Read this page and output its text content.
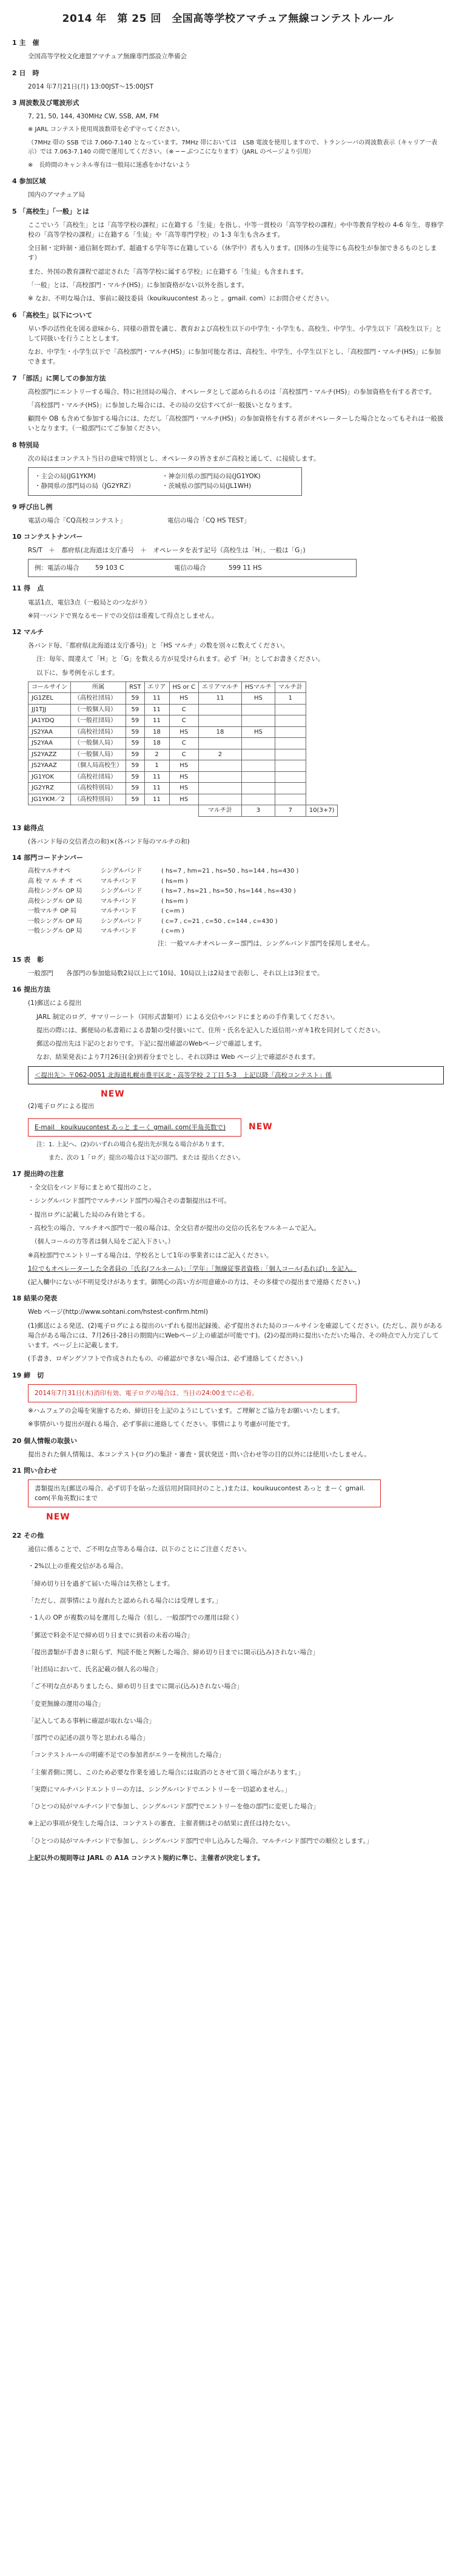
2014 年　第 25 回　全国高等学校アマチュア無線コンテストルール
1 主　催
全国高等学校文化連盟アマチュア無線専門部設立準備会
2 日　時
2014 年7月21日(月) 13:00JST〜15:00JST
3 周波数及び電波形式
7, 21, 50, 144, 430MHz CW, SSB, AM, FM
※ JARL コンテスト使用周波数帯を必ず守ってください。
（7MHz 帯の SSB では 7.060-7.140 となっています。7MHz 帯においては　LSB 電波を使用しますので、トランシーバの周波数表示（キャリア一表示）では 7.063-7.140 の間で運用してください。（※ ─ ─ ぶつこになります）（JARL のページより引用）
※　長時間のキャンネル専有は一般局に迷惑をかけないよう
4 参加区域
国内のアマチュア局
5 「高校生」「一般」とは
ここでいう「高校生」とは「高等学校の課程」に在籍する「生徒」を指し、中等一貫校の「高等学校の課程」や中等教育学校の 4-6 年生、専修学校の「高等学校の課程」に在籍する「生徒」や「高等専門学校」の 1-3 年生も含みます。
全日制・定時制・通信制を問わず、超過する学年等に在籍している（休学中）者も入ります。(国体の生徒等にも高校生が参加できるものとします）
また、外国の教育課程で認定された「高等学校に属する学校」に在籍する「生徒」も含まれます。
「一般」とは、「高校部門・マルチ(HS)」に参加資格がない以外を指します。
※ なお、不明な場合は、事前に競技委員（kouikuucontest あっと 。gmail. com）にお問合せください。
6 「高校生」以下について
早い季の活性化を図る意味から、同様の措置を講じ、教育および高校生以下の中学生・小学生も、高校生、中学生、小学生以下「高校生以下」として同扱いを行うこととします。
なお、中学生・小学生以下で「高校部門・マルチ(HS)」に参加可能な者は、高校生、中学生、小学生以下とし、「高校部門・マルチ(HS)」に参加できます。
7 「部活」に関しての参加方法
高校部門にエントリーする場合、特に社団局の場合、オペレータとして認められるのは「高校部門・マルチ(HS)」の参加資格を有する者です。
「高校部門・マルチ(HS)」に参加した場合には、その局の交信すべてが一般扱いとなります。
顧問や OB も含めて参加する場合には、ただし「高校部門・マルチ(HS)」の参加資格を有する者がオペレーターした場合となってもそれは一般扱いとなります。（一般部門にてご参加ください。
8 特別局
次の局はまコンテスト当日の意味で特別とし、オペレータの皆さまがご高校と通して、に接続します。
・主会の局(JG1YKM)
・静岡県の部門局の局（JG2YRZ）
・神奈川県の部門局の局(JG1YOK)
・茨城県の部門局の局(JL1WH)
9 呼び出し例
電話の場合「CQ高校コンテスト」	電信の場合「CQ HS TEST」
10 コンテストナンバー
RS/T　＋　都府県(北海道は支庁番号　＋　オペレータを表す記号（高校生は「H」、一般は「G」)
例：電話の場合	59 103 C	電信の場合	599 11 HS
11 得　点
電話1点、電信3点（一般局とのつながり）
※同一バンドで異なるモードでの交信は重複して得点としません。
12 マルチ
各バンド毎、「都府県(北海道は支庁番号)」と「HS マルチ」の数を別々に数えてください。
注：毎年、間違えて「H」と「G」を数える方が見受けられます。必ず「H」としてお書きください。
以下に、参考例を示します。
コールサイン	所属	RST	エリア	HS or C	エリアマルチ	HSマルチ	マルチ計	
JG1ZEL	（高校社団局）	59	11	HS	11	HS	1	
JJ1TJJ	（一般個人局）	59	11	C				
JA1YDQ	（一般社団局）	59	11	C				
JS2YAA	（高校社団局）	59	18	HS	18	HS		
JS2YAA	（一般個人局）	59	18	C				
JS2YAZZ	（一般個人局）	59	2	C	2			
JS2YAAZ	（個人局高校生）	59	1	HS				
JG1YOK	（高校社団局）	59	11	HS				
JG2YRZ	（高校特別局）	59	11	HS				
JG1YKM／2	（高校特別局）	59	11	HS				
					マルチ計	3	7	10(3+7)
13 総得点
(各バンド毎の交信者点の和)×(各バンド毎のマルチの和)
14 部門コードナンバー
高校マルチオペ	シングルバンド	( hs=7 , hm=21 , hs=50 , hs=144 , hs=430 )
高 校 マ ル チ オ ペ	マルチバンド	( hs=m )
高校シングル OP 局	シングルバンド	( hs=7 , hs=21 , hs=50 , hs=144 , hs=430 )
高校シングル OP 局	マルチバンド	( hs=m )
一般マルチ OP 局	マルチバンド	( c=m )
一般シングル OP 局	シングルバンド	( c=7 , c=21 , c=50 , c=144 , c=430 )
一般シングル OP 局	マルチバンド	( c=m )
注：一般マルチオペレーター部門は、シングルバンド部門を採用しません。
15 表　彰
一般部門　　各部門の参加総局数2局以上にて10局、10局以上は2局まで表彰し、それ以上は3位まで。
16 提出方法
(1)郵送による提出
JARL 制定のログ、サマリーシート（同形式書類可）による交信やバンドにまとめの手作業してください。
提出の際には、郵便局の私書箱による書類の受付扱いにて、住所・氏名を記入した返信用ハガキ1枚を同封してください。
郵送の提出先は下記のとおりです。下記に提出確認のWebページで確認します。
なお、結果発表により7月26日(金)到着分までとし、それ以降は Web ページ上で確認がされます。
＜提出先＞ 〒062-0051 北海道札幌市豊平区北・高等学校 ２丁目 5-3　上記以降「高校コンテスト」係
NEW
(2)電子ログによる提出
E-mail　kouikuucontest あっと まーく gmail. com(半角英数で)	NEW
注：1. 上記へ、(2)のいずれの場合も提出先が異なる場合があります。
　　また、次の 1「ログ」提出の場合は下記の部門、または 提出ください。
17 提出時の注意
・全交信をバンド毎にまとめて提出のこと。
・シングルバンド部門でマルチバンド部門の場合その書類提出は不可。
・提出ログに記載した局のみ有効とする。
・高校生の場合、マルチオペ部門で一般の場合は、全交信者が提出の交信の氏名をフルネームで記入。
　（個人コールの方等者は個人局をご記入下さい。）
※高校部門でエントリーする場合は、学校名として1年の事業者にはご記入ください。
1位でもオペレーターした全者員の「氏名(フルネーム)」「学年」「無線従事者資格」「個人コール(あれば)」を記入。
(記入欄中にないが不明見受けがあります。御関心の高い方が用意確かの方は、その多様での提出まで連絡ください。)
18 結果の発表
Web ページ(http://www.sohtani.com/hstest-confirm.html)
(1)郵送による発送、(2)電子ログによる提出のいずれも提出記録後、必ず提出された局のコールサインを確認してください。(ただし、誤りがある場合がある場合には、7月26日-28日の期間内にWebページ上の確認が可能です)。(2)の提出時に提出いただいた場合、その時点で入力完了しています。ページ上に記載します。
(手書き、ロギングソフトで作成されたもの、の確認ができない場合は、必ず連絡してください。)
19 締　切
2014年7月31日(木)消印有効、電子ログの場合は、当日の24:00までに必着。
※ハムフェアの会場を実施するため、締切日を上記のようにしています。ご理解とご協力をお願いいたします。
※事情がいり提出が遅れる場合、必ず事前に連絡してください。事情により考慮が可能です。
20 個人情報の取扱い
提出された個人情報は、本コンテスト(ログ)の集計・審査・賞状発送・問い合わせ等の目的以外には使用いたしません。
21 問い合わせ
書類提出先(郵送の場合、必ず切手を貼った返信用封筒同封のこと。)または、kouikuucontest あっと まーく gmail. com(半角英数)にまで
NEW
22 その他

通信に係ることで、ご不明な点等ある場合は、以下のことにご注意ください。

・2%以上の重複交信がある場合。

「締め切り日を過ぎて届いた場合は失格とします。

「ただし、誤事情により遅れたと認められる場合には受理します。」

・1人の OP が複数の局を運用した場合（但し、一般部門での運用は除く）

「郵送で料金不足で締め切り日までに到着の未着の場合」

「提出書類が手書きに限らず、判読不能と判断した場合、締め切り日までに開示(込み)されない場合」

「社団局において、氏名記載の個人名の場合」

「ご不明な点がありましたら、締め切り日までに開示(込み)されない場合」

「変更無線の運用の場合」

「記入してある事柄に確認が取れない場合」

「部門での記述の誤り等と思われる場合」

「コンテストルールの明確不足での参加者がエラーを検出した場合」

「主催者側に関し、このため必要な作業を通した場合には取消のとさせて頂く場合があります。」

「実際にマルチバンドエントリーの方は、シングルバンドでエントリーを一切認めません。」

「ひとつの局がマルチバンドで参加し、シングルバンド部門でエントリーを他の部門に変更した場合」

※上記の事項が発生した場合は、コンテストの審査、主催者側はその結果に責任は持たない。

「ひとつの局がマルチバンドで参加し、シングルバンド部門で申し込みした場合、マルチバンド部門での順位とします。」

上記以外の規則等は JARL の A1A コンテスト規約に準じ、主催者が決定します。
